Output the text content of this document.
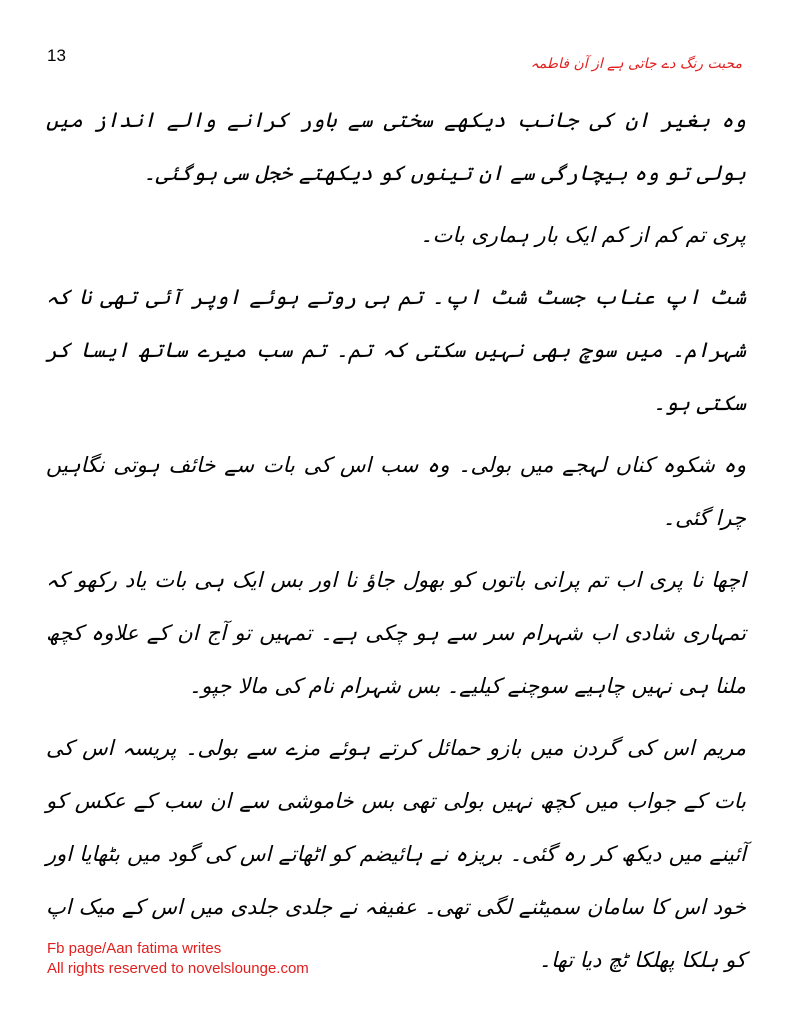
13	محبت رنگ دے جاتی ہے از آن فاطمہ

وہ بغیر ان کی جانب دیکھے سختی سے باور کرانے والے انداز میں بولی تو وہ بیچارگی سے ان تینوں کو دیکھتے خجل سی ہوگئی۔

پری تم کم از کم ایک بار ہماری بات۔

شٹ اپ عناب جسٹ شٹ اپ۔ تم ہی روتے ہوئے اوپر آئی تھی نا کہ شہرام۔ میں سوچ بھی نہیں سکتی کہ تم۔ تم سب میرے ساتھ ایسا کر سکتی ہو۔

وہ شکوہ کناں لہجے میں بولی۔ وہ سب اس کی بات سے خائف ہوتی نگاہیں چرا گئی۔

اچھا نا پری اب تم پرانی باتوں کو بھول جاؤ نا اور بس ایک ہی بات یاد رکھو کہ تمہاری شادی اب شہرام سر سے ہو چکی ہے۔ تمہیں تو آج ان کے علاوہ کچھ ملنا ہی نہیں چاہیے سوچنے کیلیے۔ بس شہرام نام کی مالا جپو۔

مریم اس کی گردن میں بازو حمائل کرتے ہوئے مزے سے بولی۔ پریسہ اس کی بات کے جواب میں کچھ نہیں بولی تھی بس خاموشی سے ان سب کے عکس کو آئینے میں دیکھ کر رہ گئی۔ بریزہ نے ہائیضم کو اٹھاتے اس کی گود میں بٹھایا اور خود اس کا سامان سمیٹنے لگی تھی۔ عفیفہ نے جلدی جلدی میں اس کے میک اپ کو ہلکا پھلکا ٹچ دیا تھا۔

Fb page/Aan fatima writes
All rights reserved to novelslounge.com
